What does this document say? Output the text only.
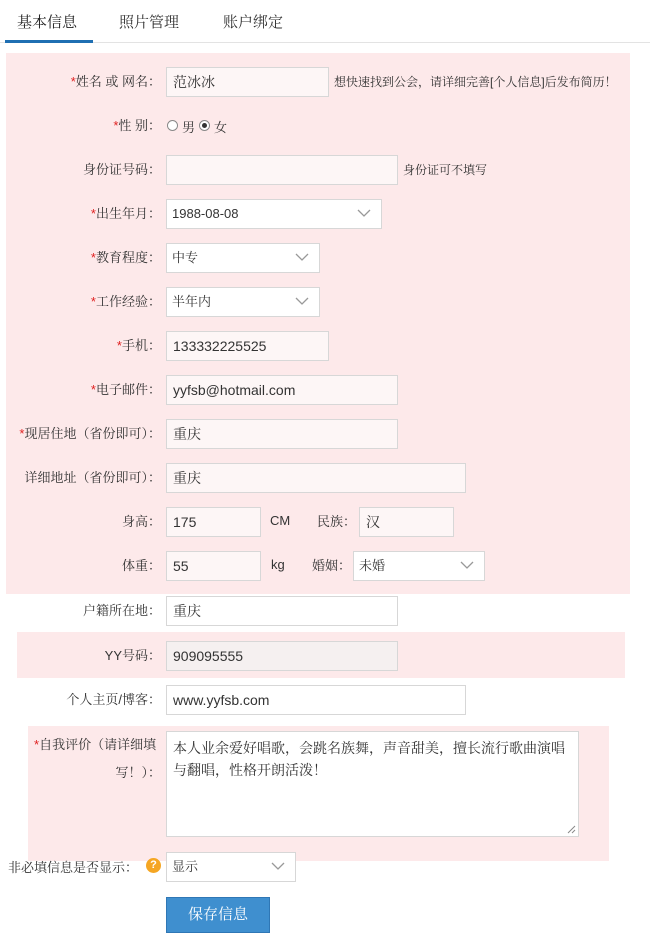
基本信息	照片管理	账户绑定
*姓名 或 网名： 范冰冰	想快速找到公会，请详细完善[个人信息]后发布简历！
*性 别： 男 女
身份证号码：	身份证可不填写
*出生年月： 1988-08-08
*教育程度： 中专
*工作经验： 半年内
*手机： 133332225525
*电子邮件： yyfsb@hotmail.com
*现居住地（省份即可）： 重庆
详细地址（省份即可）： 重庆
身高： 175	CM 民族： 汉
体重： 55	kg 婚姻： 未婚
户籍所在地： 重庆
YY号码： 909095555
个人主页/博客： www.yyfsb.com
*自我评价（请详细填
写！）：
本人业余爱好唱歌，会跳名族舞，声音甜美，擅长流行歌曲演唱与翻唱，性格开朗活泼！
非必填信息是否显示：	?	显示
保存信息
